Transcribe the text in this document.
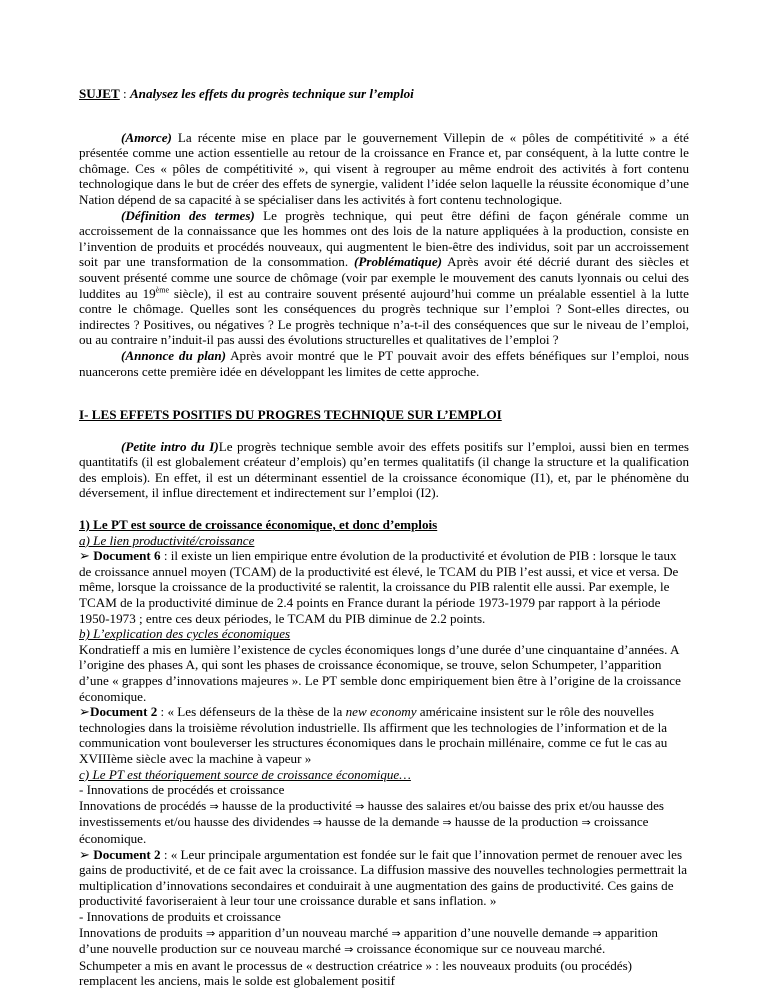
SUJET : Analysez les effets du progrès technique sur l’emploi

(Amorce) La récente mise en place par le gouvernement Villepin de « pôles de compétitivité » a été présentée comme une action essentielle au retour de la croissance en France et, par conséquent, à la lutte contre le chômage. Ces « pôles de compétitivité », qui visent à regrouper au même endroit des activités à fort contenu technologique dans le but de créer des effets de synergie, valident l’idée selon laquelle la réussite économique d’une Nation dépend de sa capacité à se spécialiser dans les activités à fort contenu technologique.

(Définition des termes) Le progrès technique, qui peut être défini de façon générale comme un accroissement de la connaissance que les hommes ont des lois de la nature appliquées à la production, consiste en l’invention de produits et procédés nouveaux, qui augmentent le bien-être des individus, soit par un accroissement soit par une transformation de la consommation. (Problématique) Après avoir été décrié durant des siècles et souvent présenté comme une source de chômage (voir par exemple le mouvement des canuts lyonnais ou celui des luddites au 19ème siècle), il est au contraire souvent présenté aujourd’hui comme un préalable essentiel à la lutte contre le chômage. Quelles sont les conséquences du progrès technique sur l’emploi ? Sont-elles directes, ou indirectes ? Positives, ou négatives ? Le progrès technique n’a-t-il des conséquences que sur le niveau de l’emploi, ou au contraire n’induit-il pas aussi des évolutions structurelles et qualitatives de l’emploi ?

(Annonce du plan) Après avoir montré que le PT pouvait avoir des effets bénéfiques sur l’emploi, nous nuancerons cette première idée en développant les limites de cette approche.

I- LES EFFETS POSITIFS DU PROGRES TECHNIQUE SUR L’EMPLOI

(Petite intro du I)Le progrès technique semble avoir des effets positifs sur l’emploi, aussi bien en termes quantitatifs (il est globalement créateur d’emplois) qu’en termes qualitatifs (il change la structure et la qualification des emplois). En effet, il est un déterminant essentiel de la croissance économique (I1), et, par le phénomène du déversement, il influe directement et indirectement sur l’emploi (I2).

1) Le PT est source de croissance économique, et donc d’emplois

a) Le lien productivité/croissance

➢ Document 6 : il existe un lien empirique entre évolution de la productivité et évolution de PIB : lorsque le taux de croissance annuel moyen (TCAM) de la productivité est élevé, le TCAM du PIB l’est aussi, et vice et versa. De même, lorsque la croissance de la productivité se ralentit, la croissance du PIB ralentit elle aussi. Par exemple, le TCAM de la productivité diminue de 2.4 points en France durant la période 1973-1979 par rapport à la période 1950-1973 ; entre ces deux périodes, le TCAM du PIB diminue de 2.2 points.

b) L’explication des cycles économiques

Kondratieff a mis en lumière l’existence de cycles économiques longs d’une durée d’une cinquantaine d’années. A l’origine des phases A, qui sont les phases de croissance économique, se trouve, selon Schumpeter, l’apparition d’une « grappes d’innovations majeures ». Le PT semble donc empiriquement bien être à l’origine de la croissance économique.

➢Document 2 : « Les défenseurs de la thèse de la new economy américaine insistent sur le rôle des nouvelles technologies dans la troisième révolution industrielle. Ils affirment que les technologies de l’information et de la communication vont bouleverser les structures économiques dans le prochain millénaire, comme ce fut le cas au XVIIIème siècle avec la machine à vapeur »

c) Le PT est théoriquement source de croissance économique…

- Innovations de procédés et croissance

Innovations de procédés ⇒ hausse de la productivité ⇒ hausse des salaires et/ou baisse des prix et/ou hausse des investissements et/ou hausse des dividendes ⇒ hausse de la demande ⇒ hausse de la production ⇒ croissance économique.

➢ Document 2 : « Leur principale argumentation est fondée sur le fait que l’innovation permet de renouer avec les gains de productivité, et de ce fait avec la croissance. La diffusion massive des nouvelles technologies permettrait la multiplication d’innovations secondaires et conduirait à une augmentation des gains de productivité. Ces gains de productivité favoriseraient à leur tour une croissance durable et sans inflation. »

- Innovations de produits et croissance

Innovations de produits ⇒ apparition d’un nouveau marché ⇒ apparition d’une nouvelle demande ⇒ apparition d’une nouvelle production sur ce nouveau marché ⇒ croissance économique sur ce nouveau marché.

Schumpeter a mis en avant le processus de « destruction créatrice » : les nouveaux produits (ou procédés) remplacent les anciens, mais le solde est globalement positif
